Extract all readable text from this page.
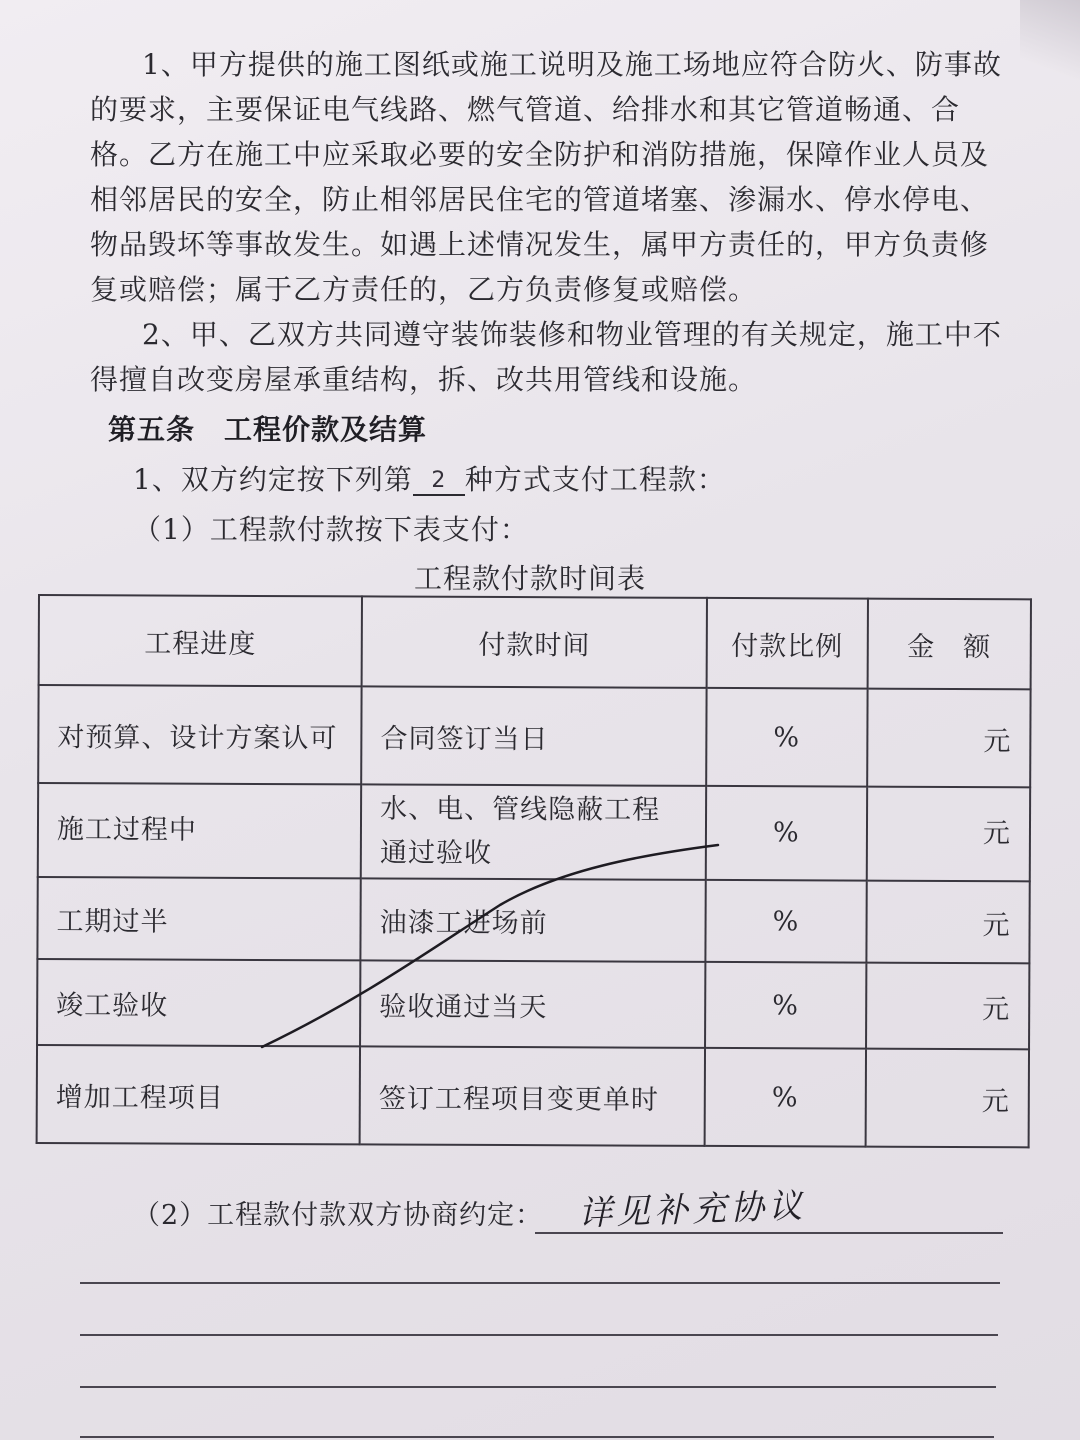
1、甲方提供的施工图纸或施工说明及施工场地应符合防火、防事故的要求，主要保证电气线路、燃气管道、给排水和其它管道畅通、合格。乙方在施工中应采取必要的安全防护和消防措施，保障作业人员及相邻居民的安全，防止相邻居民住宅的管道堵塞、渗漏水、停水停电、物品毁坏等事故发生。如遇上述情况发生，属甲方责任的，甲方负责修复或赔偿；属于乙方责任的，乙方负责修复或赔偿。

2、甲、乙双方共同遵守装饰装修和物业管理的有关规定，施工中不得擅自改变房屋承重结构，拆、改共用管线和设施。

第五条　工程价款及结算
1、双方约定按下列第 2 种方式支付工程款：
（1）工程款付款按下表支付：
工程款付款时间表
工程进度	付款时间	付款比例	金　额
对预算、设计方案认可	合同签订当日	%	元
施工过程中	水、电、管线隐蔽工程通过验收	%	元
工期过半	油漆工进场前	%	元
竣工验收	验收通过当天	%	元
增加工程项目	签订工程项目变更单时	%	元
（2）工程款付款双方协商约定： 详见补充协议
